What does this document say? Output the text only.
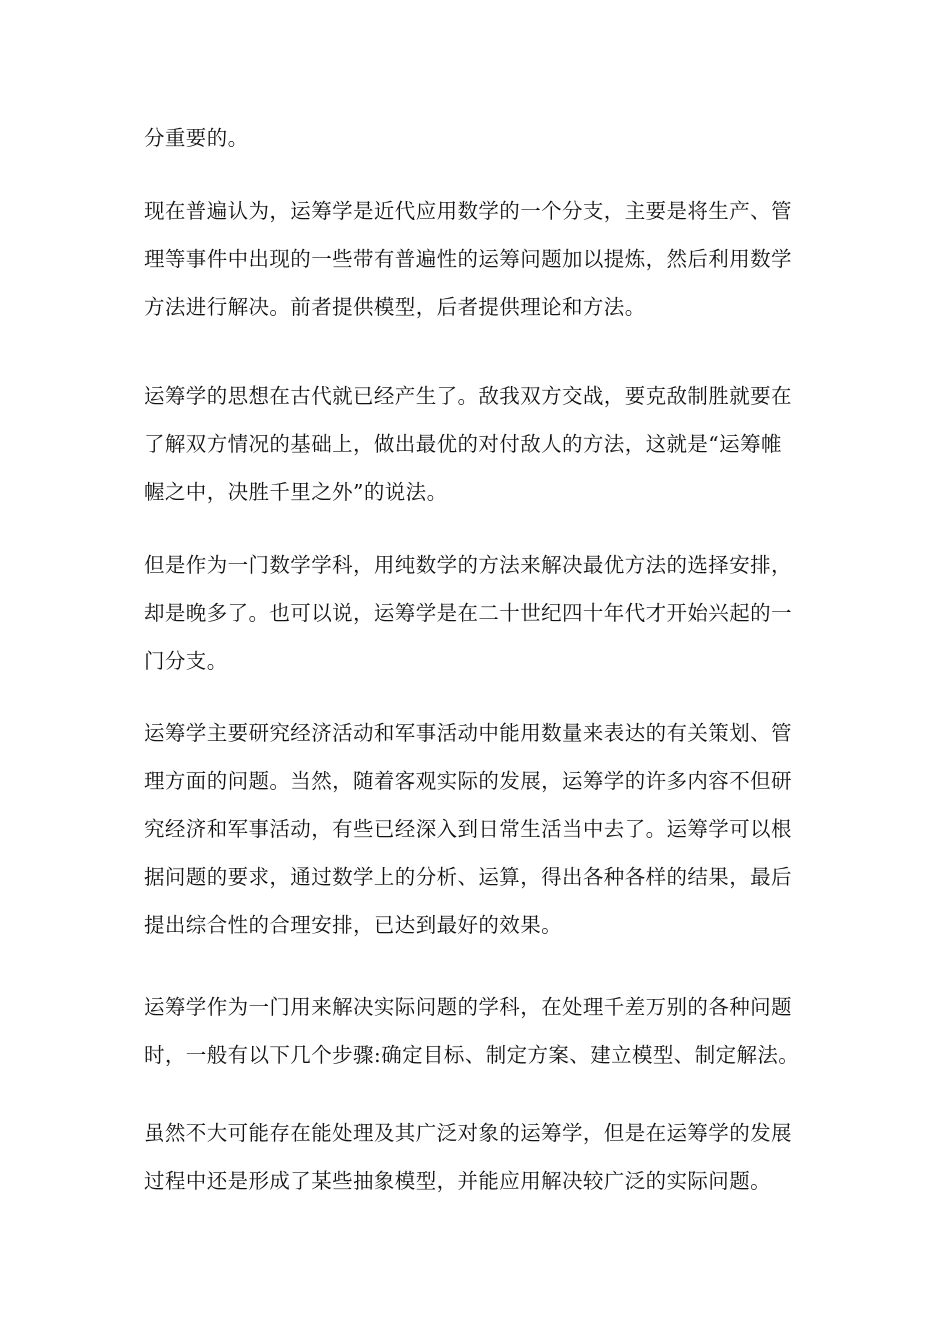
分重要的。

现在普遍认为，运筹学是近代应用数学的一个分支，主要是将生产、管
理等事件中出现的一些带有普遍性的运筹问题加以提炼，然后利用数学
方法进行解决。前者提供模型，后者提供理论和方法。

运筹学的思想在古代就已经产生了。敌我双方交战，要克敌制胜就要在
了解双方情况的基础上，做出最优的对付敌人的方法，这就是“运筹帷
幄之中，决胜千里之外”的说法。

但是作为一门数学学科，用纯数学的方法来解决最优方法的选择安排，
却是晚多了。也可以说，运筹学是在二十世纪四十年代才开始兴起的一
门分支。

运筹学主要研究经济活动和军事活动中能用数量来表达的有关策划、管
理方面的问题。当然，随着客观实际的发展，运筹学的许多内容不但研
究经济和军事活动，有些已经深入到日常生活当中去了。运筹学可以根
据问题的要求，通过数学上的分析、运算，得出各种各样的结果，最后
提出综合性的合理安排，已达到最好的效果。

运筹学作为一门用来解决实际问题的学科，在处理千差万别的各种问题
时，一般有以下几个步骤:确定目标、制定方案、建立模型、制定解法。

虽然不大可能存在能处理及其广泛对象的运筹学，但是在运筹学的发展
过程中还是形成了某些抽象模型，并能应用解决较广泛的实际问题。
